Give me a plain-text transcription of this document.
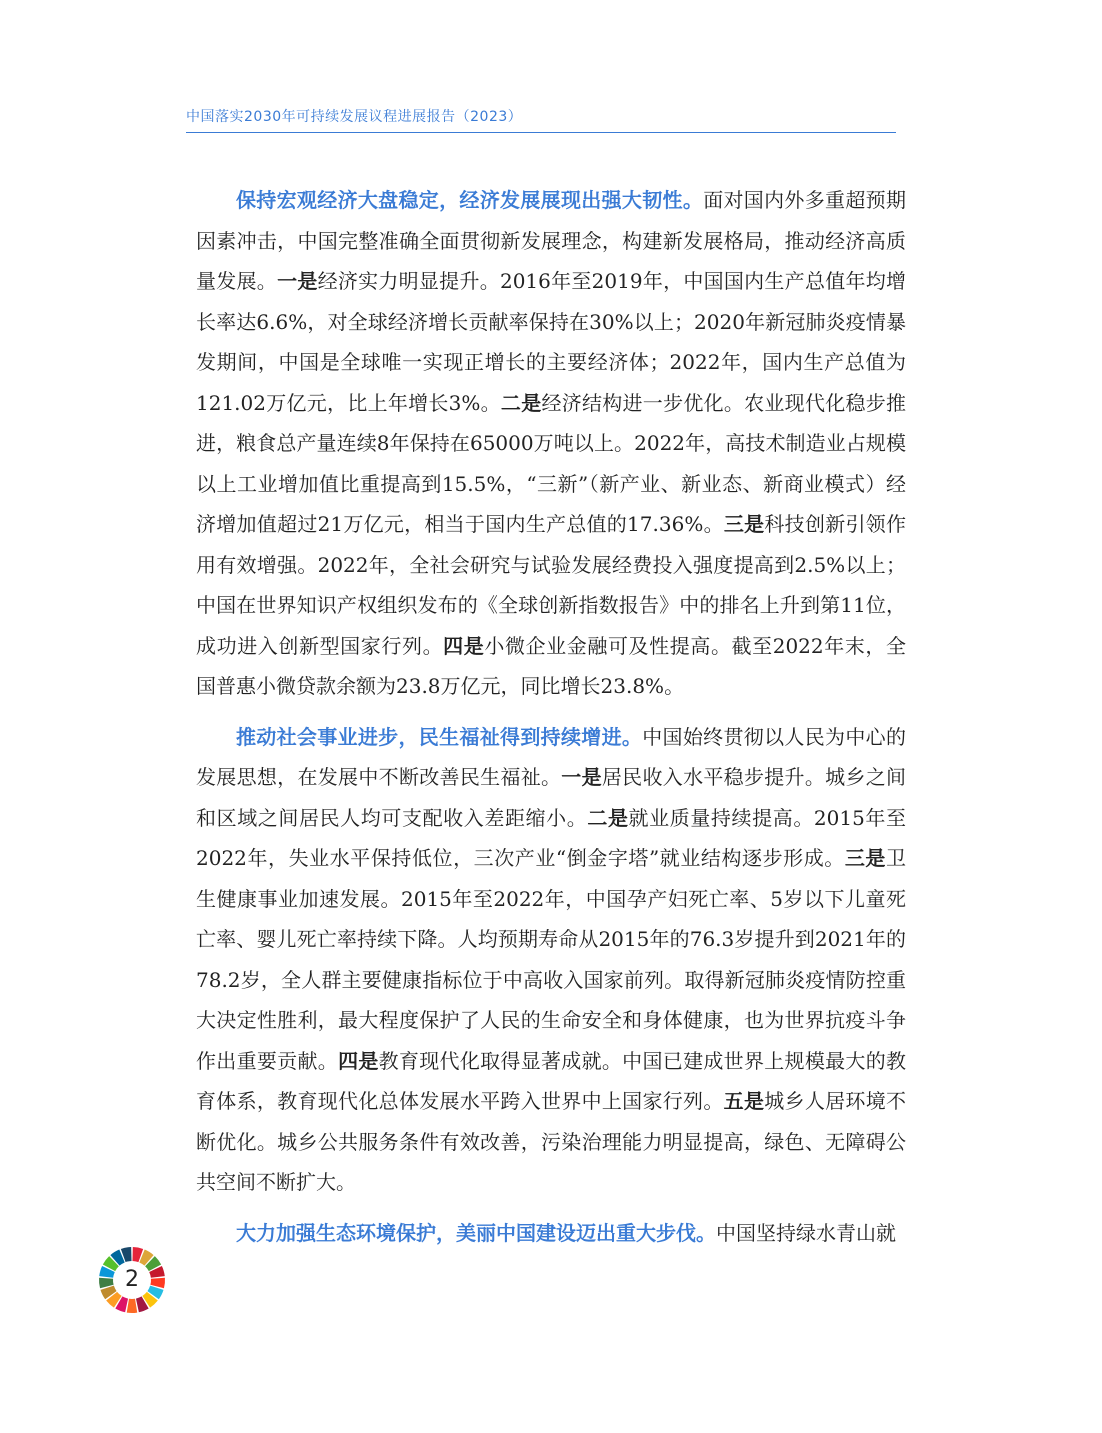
中国落实2030年可持续发展议程进展报告（2023）

保持宏观经济大盘稳定，经济发展展现出强大韧性。面对国内外多重超预期因素冲击，中国完整准确全面贯彻新发展理念，构建新发展格局，推动经济高质量发展。一是经济实力明显提升。2016年至2019年，中国国内生产总值年均增长率达6.6%，对全球经济增长贡献率保持在30%以上；2020年新冠肺炎疫情暴发期间，中国是全球唯一实现正增长的主要经济体；2022年，国内生产总值为121.02万亿元，比上年增长3%。二是经济结构进一步优化。农业现代化稳步推进，粮食总产量连续8年保持在65000万吨以上。2022年，高技术制造业占规模以上工业增加值比重提高到15.5%，“三新”（新产业、新业态、新商业模式）经济增加值超过21万亿元，相当于国内生产总值的17.36%。三是科技创新引领作用有效增强。2022年，全社会研究与试验发展经费投入强度提高到2.5%以上；中国在世界知识产权组织发布的《全球创新指数报告》中的排名上升到第11位，成功进入创新型国家行列。四是小微企业金融可及性提高。截至2022年末，全国普惠小微贷款余额为23.8万亿元，同比增长23.8%。

推动社会事业进步，民生福祉得到持续增进。中国始终贯彻以人民为中心的发展思想，在发展中不断改善民生福祉。一是居民收入水平稳步提升。城乡之间和区域之间居民人均可支配收入差距缩小。二是就业质量持续提高。2015年至2022年，失业水平保持低位，三次产业“倒金字塔”就业结构逐步形成。三是卫生健康事业加速发展。2015年至2022年，中国孕产妇死亡率、5岁以下儿童死亡率、婴儿死亡率持续下降。人均预期寿命从2015年的76.3岁提升到2021年的78.2岁，全人群主要健康指标位于中高收入国家前列。取得新冠肺炎疫情防控重大决定性胜利，最大程度保护了人民的生命安全和身体健康，也为世界抗疫斗争作出重要贡献。四是教育现代化取得显著成就。中国已建成世界上规模最大的教育体系，教育现代化总体发展水平跨入世界中上国家行列。五是城乡人居环境不断优化。城乡公共服务条件有效改善，污染治理能力明显提高，绿色、无障碍公共空间不断扩大。

大力加强生态环境保护，美丽中国建设迈出重大步伐。中国坚持绿水青山就

2
